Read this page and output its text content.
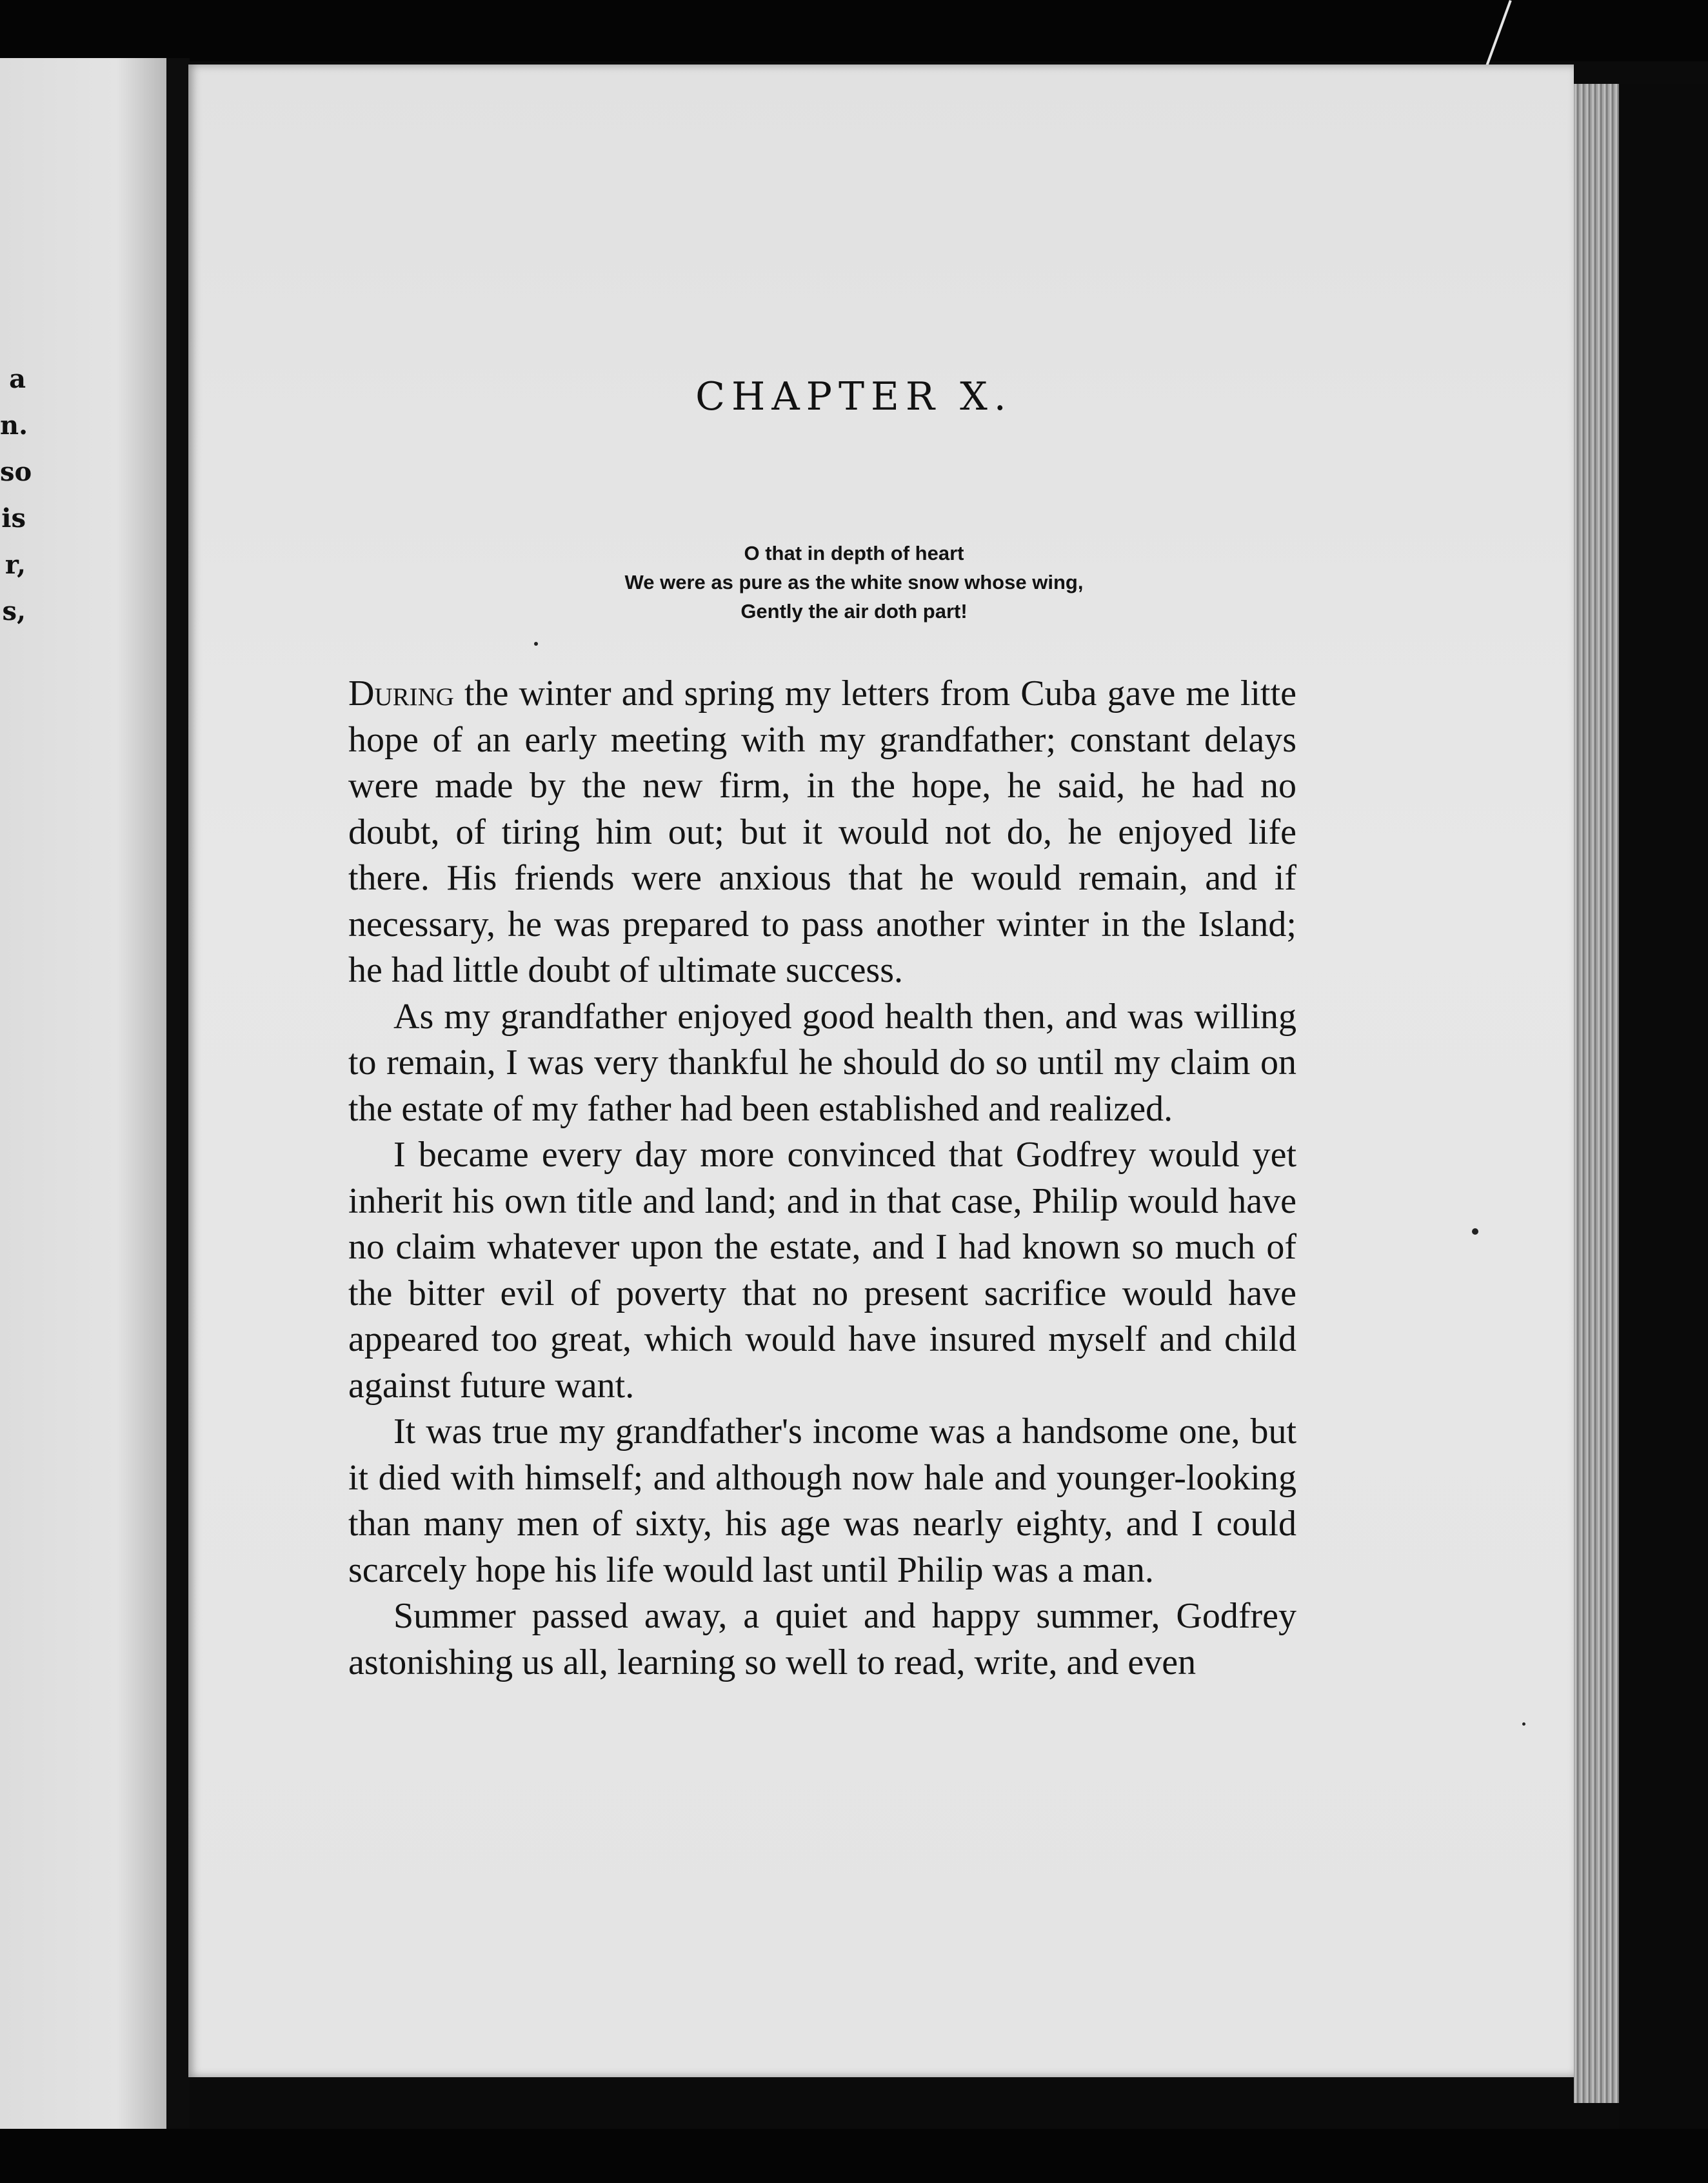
a
n.
so
is
r,
s,
CHAPTER X.
O that in depth of heart
We were as pure as the white snow whose wing,
Gently the air doth part!

During the winter and spring my letters from Cuba gave me litte hope of an early meeting with my grandfather; constant delays were made by the new firm, in the hope, he said, he had no doubt, of tiring him out; but it would not do, he enjoyed life there. His friends were anxious that he would remain, and if necessary, he was prepared to pass another winter in the Island; he had little doubt of ultimate success.

As my grandfather enjoyed good health then, and was willing to remain, I was very thankful he should do so until my claim on the estate of my father had been established and realized.

I became every day more convinced that Godfrey would yet inherit his own title and land; and in that case, Philip would have no claim whatever upon the estate, and I had known so much of the bitter evil of poverty that no present sacrifice would have appeared too great, which would have insured myself and child against future want.

It was true my grandfather's income was a handsome one, but it died with himself; and although now hale and younger-looking than many men of sixty, his age was nearly eighty, and I could scarcely hope his life would last until Philip was a man.

Summer passed away, a quiet and happy summer, Godfrey astonishing us all, learning so well to read, write, and even
